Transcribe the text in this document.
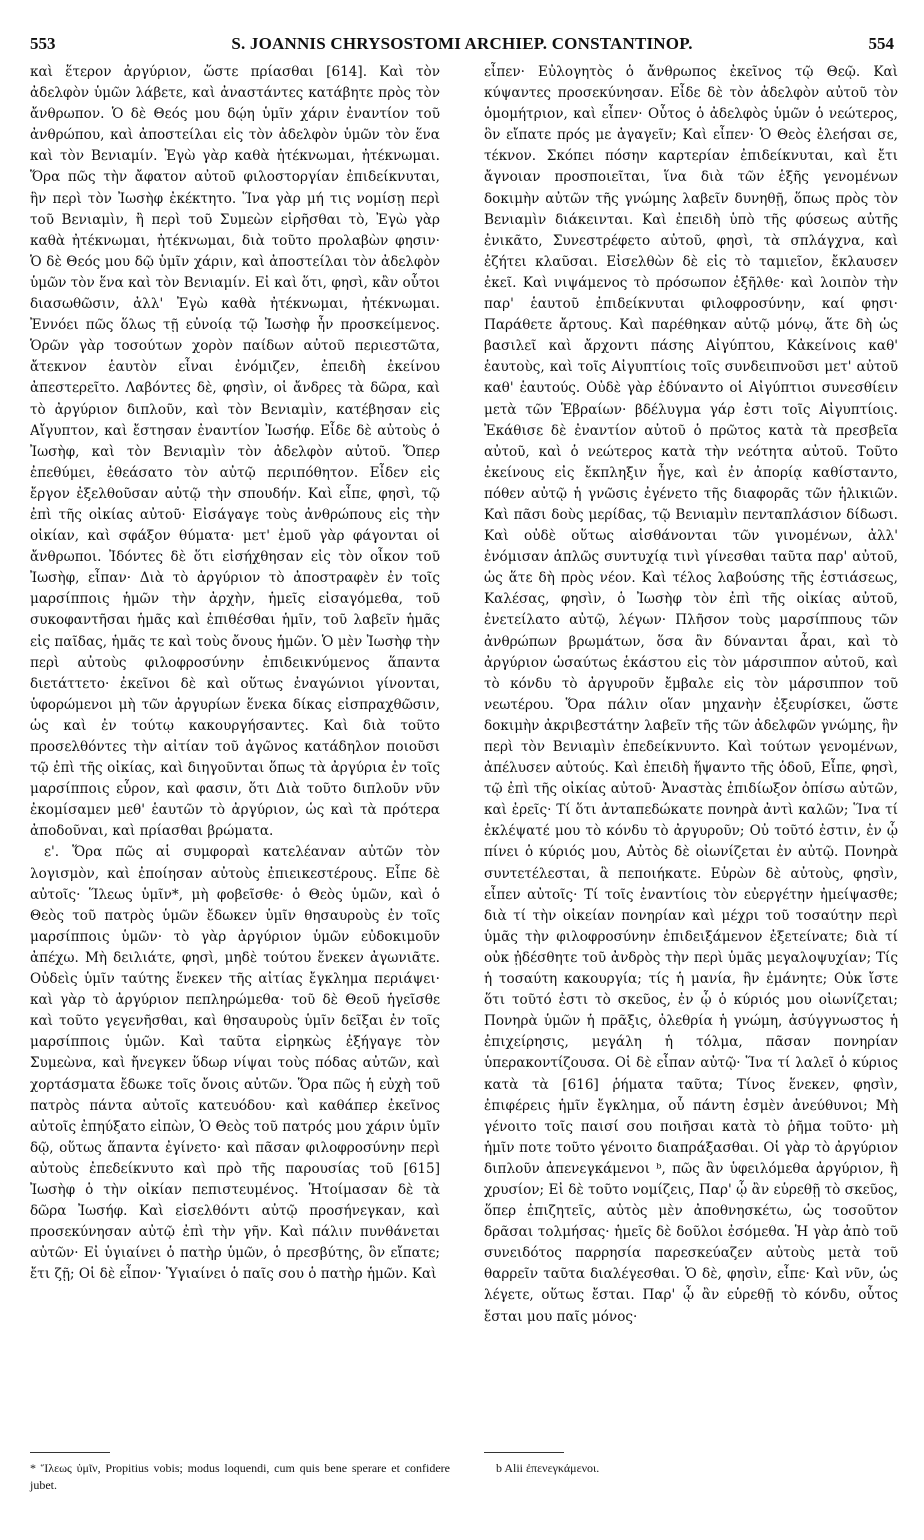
553	S. JOANNIS CHRYSOSTOMI ARCHIEP. CONSTANTINOP.	554

καὶ ἕτερον ἀργύριον, ὥστε πρίασθαι [614]. Καὶ τὸν ἀδελφὸν ὑμῶν λάβετε, καὶ ἀναστάντες κατάβητε πρὸς τὸν ἄνθρωπον. Ὁ δὲ Θεός μου δῴη ὑμῖν χάριν ἐναντίον τοῦ ἀνθρώπου, καὶ ἀποστείλαι εἰς τὸν ἀδελφὸν ὑμῶν τὸν ἕνα καὶ τὸν Βενιαμίν. Ἐγὼ γὰρ καθὰ ἠτέκνωμαι, ἠτέκνωμαι. Ὅρα πῶς τὴν ἄφατον αὐτοῦ φιλοστοργίαν ἐπιδείκνυται, ἣν περὶ τὸν Ἰωσὴφ ἐκέκτητο. Ἵνα γὰρ μή τις νομίσῃ περὶ τοῦ Βενιαμὶν, ἢ περὶ τοῦ Συμεὼν εἰρῆσθαι τὸ, Ἐγὼ γὰρ καθὰ ἠτέκνωμαι, ἠτέκνωμαι, διὰ τοῦτο προλαβὼν φησιν· Ὁ δὲ Θεός μου δῷ ὑμῖν χάριν, καὶ ἀποστείλαι τὸν ἀδελφὸν ὑμῶν τὸν ἕνα καὶ τὸν Βενιαμίν. Εἰ καὶ ὅτι, φησὶ, κἂν οὗτοι διασωθῶσιν, ἀλλ' Ἐγὼ καθὰ ἠτέκνωμαι, ἠτέκνωμαι. Ἐννόει πῶς ὅλως τῇ εὐνοίᾳ τῷ Ἰωσὴφ ἦν προσκείμενος. Ὁρῶν γὰρ τοσούτων χορὸν παίδων αὐτοῦ περιεστῶτα, ἄτεκνον ἑαυτὸν εἶναι ἐνόμιζεν, ἐπειδὴ ἐκείνου ἀπεστερεῖτο. Λαβόντες δὲ, φησὶν, οἱ ἄνδρες τὰ δῶρα, καὶ τὸ ἀργύριον διπλοῦν, καὶ τὸν Βενιαμὶν, κατέβησαν εἰς Αἴγυπτον, καὶ ἔστησαν ἐναντίον Ἰωσήφ. Εἶδε δὲ αὐτοὺς ὁ Ἰωσὴφ, καὶ τὸν Βενιαμὶν τὸν ἀδελφὸν αὐτοῦ. Ὅπερ ἐπεθύμει, ἐθεάσατο τὸν αὐτῷ περιπόθητον. Εἶδεν εἰς ἔργον ἐξελθοῦσαν αὐτῷ τὴν σπουδήν. Καὶ εἶπε, φησὶ, τῷ ἐπὶ τῆς οἰκίας αὐτοῦ· Εἰσάγαγε τοὺς ἀνθρώπους εἰς τὴν οἰκίαν, καὶ σφάξον θύματα· μετ' ἐμοῦ γὰρ φάγονται οἱ ἄνθρωποι. Ἰδόντες δὲ ὅτι εἰσήχθησαν εἰς τὸν οἶκον τοῦ Ἰωσὴφ, εἶπαν· Διὰ τὸ ἀργύριον τὸ ἀποστραφὲν ἐν τοῖς μαρσίπποις ἡμῶν τὴν ἀρχὴν, ἡμεῖς εἰσαγόμεθα, τοῦ συκοφαντῆσαι ἡμᾶς καὶ ἐπιθέσθαι ἡμῖν, τοῦ λαβεῖν ἡμᾶς εἰς παῖδας, ἡμᾶς τε καὶ τοὺς ὄνους ἡμῶν. Ὁ μὲν Ἰωσὴφ τὴν περὶ αὐτοὺς φιλοφροσύνην ἐπιδεικνύμενος ἅπαντα διετάττετο· ἐκεῖνοι δὲ καὶ οὕτως ἐναγώνιοι γίνονται, ὑφορώμενοι μὴ τῶν ἀργυρίων ἕνεκα δίκας εἰσπραχθῶσιν, ὡς καὶ ἐν τούτῳ κακουργήσαντες. Καὶ διὰ τοῦτο προσελθόντες τὴν αἰτίαν τοῦ ἀγῶνος κατάδηλον ποιοῦσι τῷ ἐπὶ τῆς οἰκίας, καὶ διηγοῦνται ὅπως τὰ ἀργύρια ἐν τοῖς μαρσίπποις εὗρον, καὶ φασιν, ὅτι Διὰ τοῦτο διπλοῦν νῦν ἐκομίσαμεν μεθ' ἑαυτῶν τὸ ἀργύριον, ὡς καὶ τὰ πρότερα ἀποδοῦναι, καὶ πρίασθαι βρώματα.

ε'. Ὅρα πῶς αἱ συμφοραὶ κατελέαναν αὐτῶν τὸν λογισμὸν, καὶ ἐποίησαν αὐτοὺς ἐπιεικεστέρους. Εἶπε δὲ αὐτοῖς· Ἵλεως ὑμῖν*, μὴ φοβεῖσθε· ὁ Θεὸς ὑμῶν, καὶ ὁ Θεὸς τοῦ πατρὸς ὑμῶν ἔδωκεν ὑμῖν θησαυροὺς ἐν τοῖς μαρσίπποις ὑμῶν· τὸ γὰρ ἀργύριον ὑμῶν εὐδοκιμοῦν ἀπέχω. Μὴ δειλιάτε, φησὶ, μηδὲ τούτου ἕνεκεν ἀγωνιᾶτε. Οὐδεὶς ὑμῖν ταύτης ἕνεκεν τῆς αἰτίας ἔγκλημα περιάψει· καὶ γὰρ τὸ ἀργύριον πεπληρώμεθα· τοῦ δὲ Θεοῦ ἡγεῖσθε καὶ τοῦτο γεγενῆσθαι, καὶ θησαυροὺς ὑμῖν δεῖξαι ἐν τοῖς μαρσίπποις ὑμῶν. Καὶ ταῦτα εἰρηκὼς ἐξήγαγε τὸν Συμεὼνα, καὶ ἤνεγκεν ὕδωρ νίψαι τοὺς πόδας αὐτῶν, καὶ χορτάσματα ἔδωκε τοῖς ὄνοις αὐτῶν. Ὅρα πῶς ἡ εὐχὴ τοῦ πατρὸς πάντα αὐτοῖς κατευόδου· καὶ καθάπερ ἐκεῖνος αὐτοῖς ἐπηύξατο εἰπὼν, Ὁ Θεὸς τοῦ πατρός μου χάριν ὑμῖν δῷ, οὕτως ἅπαντα ἐγίνετο· καὶ πᾶσαν φιλοφροσύνην περὶ αὐτοὺς ἐπεδείκνυτο καὶ πρὸ τῆς παρουσίας τοῦ [615] Ἰωσὴφ ὁ τὴν οἰκίαν πεπιστευμένος. Ἡτοίμασαν δὲ τὰ δῶρα Ἰωσήφ. Καὶ εἰσελθόντι αὐτῷ προσήνεγκαν, καὶ προσεκύνησαν αὐτῷ ἐπὶ τὴν γῆν. Καὶ πάλιν πυνθάνεται αὐτῶν· Εἰ ὑγιαίνει ὁ πατὴρ ὑμῶν, ὁ πρεσβύτης, ὃν εἴπατε; ἔτι ζῇ; Οἱ δὲ εἶπον· Ὑγιαίνει ὁ παῖς σου ὁ πατὴρ ἡμῶν. Καὶ

εἶπεν· Εὐλογητὸς ὁ ἄνθρωπος ἐκεῖνος τῷ Θεῷ. Καὶ κύψαντες προσεκύνησαν. Εἶδε δὲ τὸν ἀδελφὸν αὐτοῦ τὸν ὁμομήτριον, καὶ εἶπεν· Οὗτος ὁ ἀδελφὸς ὑμῶν ὁ νεώτερος, ὃν εἴπατε πρός με ἀγαγεῖν; Καὶ εἶπεν· Ὁ Θεὸς ἐλεήσαι σε, τέκνον. Σκόπει πόσην καρτερίαν ἐπιδείκνυται, καὶ ἔτι ἄγνοιαν προσποιεῖται, ἵνα διὰ τῶν ἑξῆς γενομένων δοκιμὴν αὐτῶν τῆς γνώμης λαβεῖν δυνηθῇ, ὅπως πρὸς τὸν Βενιαμὶν διάκεινται. Καὶ ἐπειδὴ ὑπὸ τῆς φύσεως αὐτῆς ἐνικᾶτο, Συνεστρέφετο αὐτοῦ, φησὶ, τὰ σπλάγχνα, καὶ ἐζήτει κλαῦσαι. Εἰσελθὼν δὲ εἰς τὸ ταμιεῖον, ἔκλαυσεν ἐκεῖ. Καὶ νιψάμενος τὸ πρόσωπον ἐξῆλθε· καὶ λοιπὸν τὴν παρ' ἑαυτοῦ ἐπιδείκνυται φιλοφροσύνην, καί φησι· Παράθετε ἄρτους. Καὶ παρέθηκαν αὐτῷ μόνῳ, ἅτε δὴ ὡς βασιλεῖ καὶ ἄρχοντι πάσης Αἰγύπτου, Κἀκείνοις καθ' ἑαυτοὺς, καὶ τοῖς Αἰγυπτίοις τοῖς συνδειπνοῦσι μετ' αὐτοῦ καθ' ἑαυτούς. Οὐδὲ γὰρ ἐδύναντο οἱ Αἰγύπτιοι συνεσθίειν μετὰ τῶν Ἑβραίων· βδέλυγμα γάρ ἐστι τοῖς Αἰγυπτίοις. Ἐκάθισε δὲ ἐναντίον αὐτοῦ ὁ πρῶτος κατὰ τὰ πρεσβεῖα αὐτοῦ, καὶ ὁ νεώτερος κατὰ τὴν νεότητα αὐτοῦ. Τοῦτο ἐκείνους εἰς ἔκπληξιν ἦγε, καὶ ἐν ἀπορίᾳ καθίσταντο, πόθεν αὐτῷ ἡ γνῶσις ἐγένετο τῆς διαφορᾶς τῶν ἡλικιῶν. Καὶ πᾶσι δοὺς μερίδας, τῷ Βενιαμὶν πενταπλάσιον δίδωσι. Καὶ οὐδὲ οὕτως αἰσθάνονται τῶν γινομένων, ἀλλ' ἐνόμισαν ἁπλῶς συντυχίᾳ τινὶ γίνεσθαι ταῦτα παρ' αὐτοῦ, ὡς ἅτε δὴ πρὸς νέον. Καὶ τέλος λαβούσης τῆς ἑστιάσεως, Καλέσας, φησὶν, ὁ Ἰωσὴφ τὸν ἐπὶ τῆς οἰκίας αὐτοῦ, ἐνετείλατο αὐτῷ, λέγων· Πλῆσον τοὺς μαρσίππους τῶν ἀνθρώπων βρωμάτων, ὅσα ἂν δύνανται ἆραι, καὶ τὸ ἀργύριον ὡσαύτως ἑκάστου εἰς τὸν μάρσιππον αὐτοῦ, καὶ τὸ κόνδυ τὸ ἀργυροῦν ἔμβαλε εἰς τὸν μάρσιππον τοῦ νεωτέρου. Ὅρα πάλιν οἵαν μηχανὴν ἐξευρίσκει, ὥστε δοκιμὴν ἀκριβεστάτην λαβεῖν τῆς τῶν ἀδελφῶν γνώμης, ἣν περὶ τὸν Βενιαμὶν ἐπεδείκνυντο. Καὶ τούτων γενομένων, ἀπέλυσεν αὐτούς. Καὶ ἐπειδὴ ἥψαντο τῆς ὁδοῦ, Εἶπε, φησὶ, τῷ ἐπὶ τῆς οἰκίας αὐτοῦ· Ἀναστὰς ἐπιδίωξον ὀπίσω αὐτῶν, καὶ ἐρεῖς· Τί ὅτι ἀνταπεδώκατε πονηρὰ ἀντὶ καλῶν; Ἵνα τί ἐκλέψατέ μου τὸ κόνδυ τὸ ἀργυροῦν; Οὐ τοῦτό ἐστιν, ἐν ᾧ πίνει ὁ κύριός μου, Αὐτὸς δὲ οἰωνίζεται ἐν αὐτῷ. Πονηρὰ συντετέλεσται, ἃ πεποιήκατε. Εὑρὼν δὲ αὐτοὺς, φησὶν, εἶπεν αὐτοῖς· Τί τοῖς ἐναντίοις τὸν εὐεργέτην ἠμείψασθε; διὰ τί τὴν οἰκείαν πονηρίαν καὶ μέχρι τοῦ τοσαύτην περὶ ὑμᾶς τὴν φιλοφροσύνην ἐπιδειξάμενον ἐξετείνατε; διὰ τί οὐκ ᾐδέσθητε τοῦ ἀνδρὸς τὴν περὶ ὑμᾶς μεγαλοψυχίαν; Τίς ἡ τοσαύτη κακουργία; τίς ἡ μανία, ἣν ἐμάνητε; Οὐκ ἴστε ὅτι τοῦτό ἐστι τὸ σκεῦος, ἐν ᾧ ὁ κύριός μου οἰωνίζεται; Πονηρὰ ὑμῶν ἡ πρᾶξις, ὀλεθρία ἡ γνώμη, ἀσύγγνωστος ἡ ἐπιχείρησις, μεγάλη ἡ τόλμα, πᾶσαν πονηρίαν ὑπερακοντίζουσα. Οἱ δὲ εἶπαν αὐτῷ· Ἵνα τί λαλεῖ ὁ κύριος κατὰ τὰ [616] ῥήματα ταῦτα; Τίνος ἕνεκεν, φησὶν, ἐπιφέρεις ἡμῖν ἔγκλημα, οὗ πάντη ἐσμὲν ἀνεύθυνοι; Μὴ γένοιτο τοῖς παισί σου ποιῆσαι κατὰ τὸ ῥῆμα τοῦτο· μὴ ἡμῖν ποτε τοῦτο γένοιτο διαπράξασθαι. Οἱ γὰρ τὸ ἀργύριον διπλοῦν ἀπενεγκάμενοι ᵇ, πῶς ἂν ὑφειλόμεθα ἀργύριον, ἢ χρυσίον; Εἰ δὲ τοῦτο νομίζεις, Παρ' ᾧ ἂν εὑρεθῇ τὸ σκεῦος, ὅπερ ἐπιζητεῖς, αὐτὸς μὲν ἀποθνησκέτω, ὡς τοσοῦτον δρᾶσαι τολμήσας· ἡμεῖς δὲ δοῦλοι ἐσόμεθα. Ἡ γὰρ ἀπὸ τοῦ συνειδότος παρρησία παρεσκεύαζεν αὐτοὺς μετὰ τοῦ θαρρεῖν ταῦτα διαλέγεσθαι. Ὁ δὲ, φησὶν, εἶπε· Καὶ νῦν, ὡς λέγετε, οὕτως ἔσται. Παρ' ᾧ ἂν εὑρεθῇ τὸ κόνδυ, οὗτος ἔσται μου παῖς μόνος·

* Ἵλεως ὑμῖν, Propitius vobis; modus loquendi, cum quis bene sperare et confidere jubet.
b Alii ἐπενεγκάμενοι.
